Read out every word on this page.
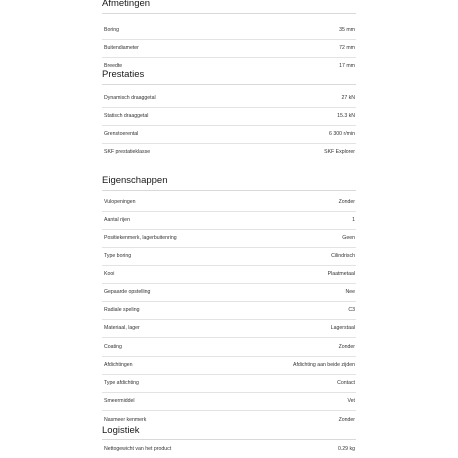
Afmetingen
Boring	35 mm
Buitendiameter	72 mm
Breedte	17 mm
Prestaties
Dynamisch draaggetal	27 kN
Statisch draaggetal	15.3 kN
Grenstoerental	6 300 r/min
SKF prestatieklasse	SKF Explorer
Eigenschappen
Vulopeningen	Zonder
Aantal rijen	1
Positiekenmerk, lagerbuitenring	Geen
Type boring	Cilindrisch
Kooi	Plaatmetaal
Gepaarde opstelling	Nee
Radiale speling	C3
Materiaal, lager	Lagerstaal
Coating	Zonder
Afdichtingen	Afdichting aan beide zijden
Type afdichting	Contact
Smeermiddel	Vet
Nasmeer kenmerk	Zonder
Logistiek
Nettogewicht van het product	0.29 kg
